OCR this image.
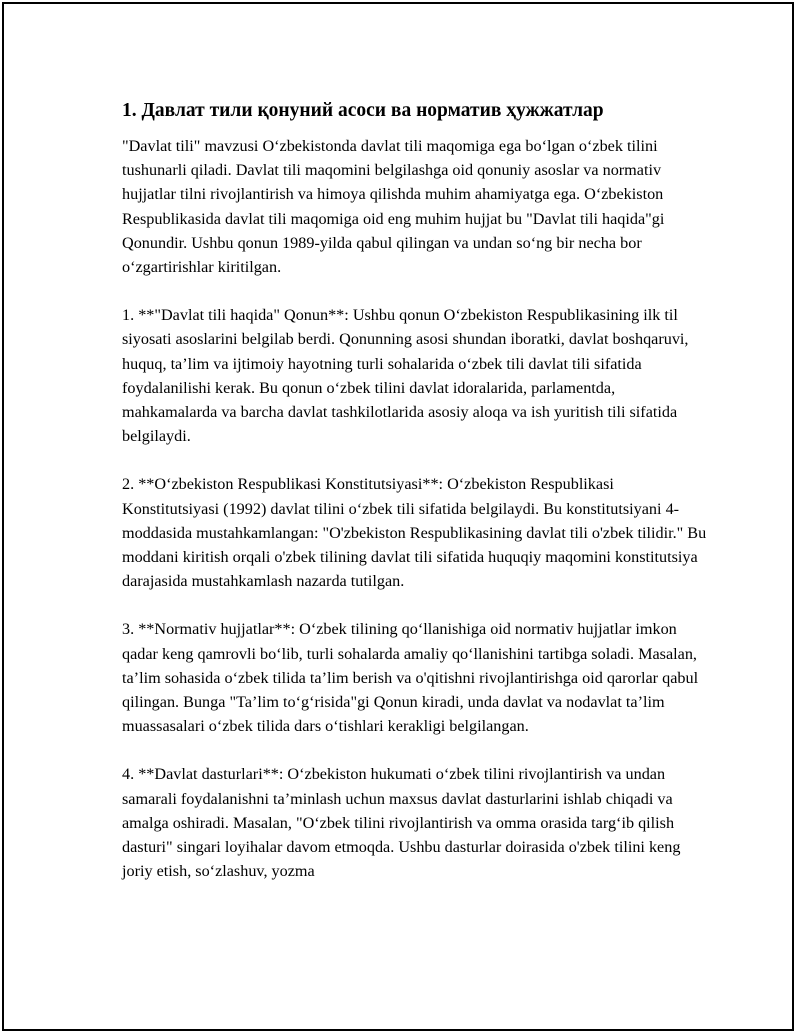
1. Давлат тили қонуний асоси ва норматив ҳужжатлар

"Davlat tili" mavzusi O‘zbekistonda davlat tili maqomiga ega bo‘lgan o‘zbek tilini tushunarli qiladi. Davlat tili maqomini belgilashga oid qonuniy asoslar va normativ hujjatlar tilni rivojlantirish va himoya qilishda muhim ahamiyatga ega. O‘zbekiston Respublikasida davlat tili maqomiga oid eng muhim hujjat bu "Davlat tili haqida"gi Qonundir. Ushbu qonun 1989-yilda qabul qilingan va undan so‘ng bir necha bor o‘zgartirishlar kiritilgan.

1. **"Davlat tili haqida" Qonun**: Ushbu qonun O‘zbekiston Respublikasining ilk til siyosati asoslarini belgilab berdi. Qonunning asosi shundan iboratki, davlat boshqaruvi, huquq, ta’lim va ijtimoiy hayotning turli sohalarida o‘zbek tili davlat tili sifatida foydalanilishi kerak. Bu qonun o‘zbek tilini davlat idoralarida, parlamentda, mahkamalarda va barcha davlat tashkilotlarida asosiy aloqa va ish yuritish tili sifatida belgilaydi.

2. **O‘zbekiston Respublikasi Konstitutsiyasi**: O‘zbekiston Respublikasi Konstitutsiyasi (1992) davlat tilini o‘zbek tili sifatida belgilaydi. Bu konstitutsiyani 4-moddasida mustahkamlangan: "O'zbekiston Respublikasining davlat tili o'zbek tilidir." Bu moddani kiritish orqali o'zbek tilining davlat tili sifatida huquqiy maqomini konstitutsiya darajasida mustahkamlash nazarda tutilgan.

3. **Normativ hujjatlar**: O‘zbek tilining qo‘llanishiga oid normativ hujjatlar imkon qadar keng qamrovli bo‘lib, turli sohalarda amaliy qo‘llanishini tartibga soladi. Masalan, ta’lim sohasida o‘zbek tilida ta’lim berish va o'qitishni rivojlantirishga oid qarorlar qabul qilingan. Bunga "Ta’lim to‘g‘risida"gi Qonun kiradi, unda davlat va nodavlat ta’lim muassasalari o‘zbek tilida dars o‘tishlari kerakligi belgilangan.

4. **Davlat dasturlari**: O‘zbekiston hukumati o‘zbek tilini rivojlantirish va undan samarali foydalanishni ta’minlash uchun maxsus davlat dasturlarini ishlab chiqadi va amalga oshiradi. Masalan, "O‘zbek tilini rivojlantirish va omma orasida targ‘ib qilish dasturi" singari loyihalar davom etmoqda. Ushbu dasturlar doirasida o'zbek tilini keng joriy etish, so‘zlashuv, yozma
